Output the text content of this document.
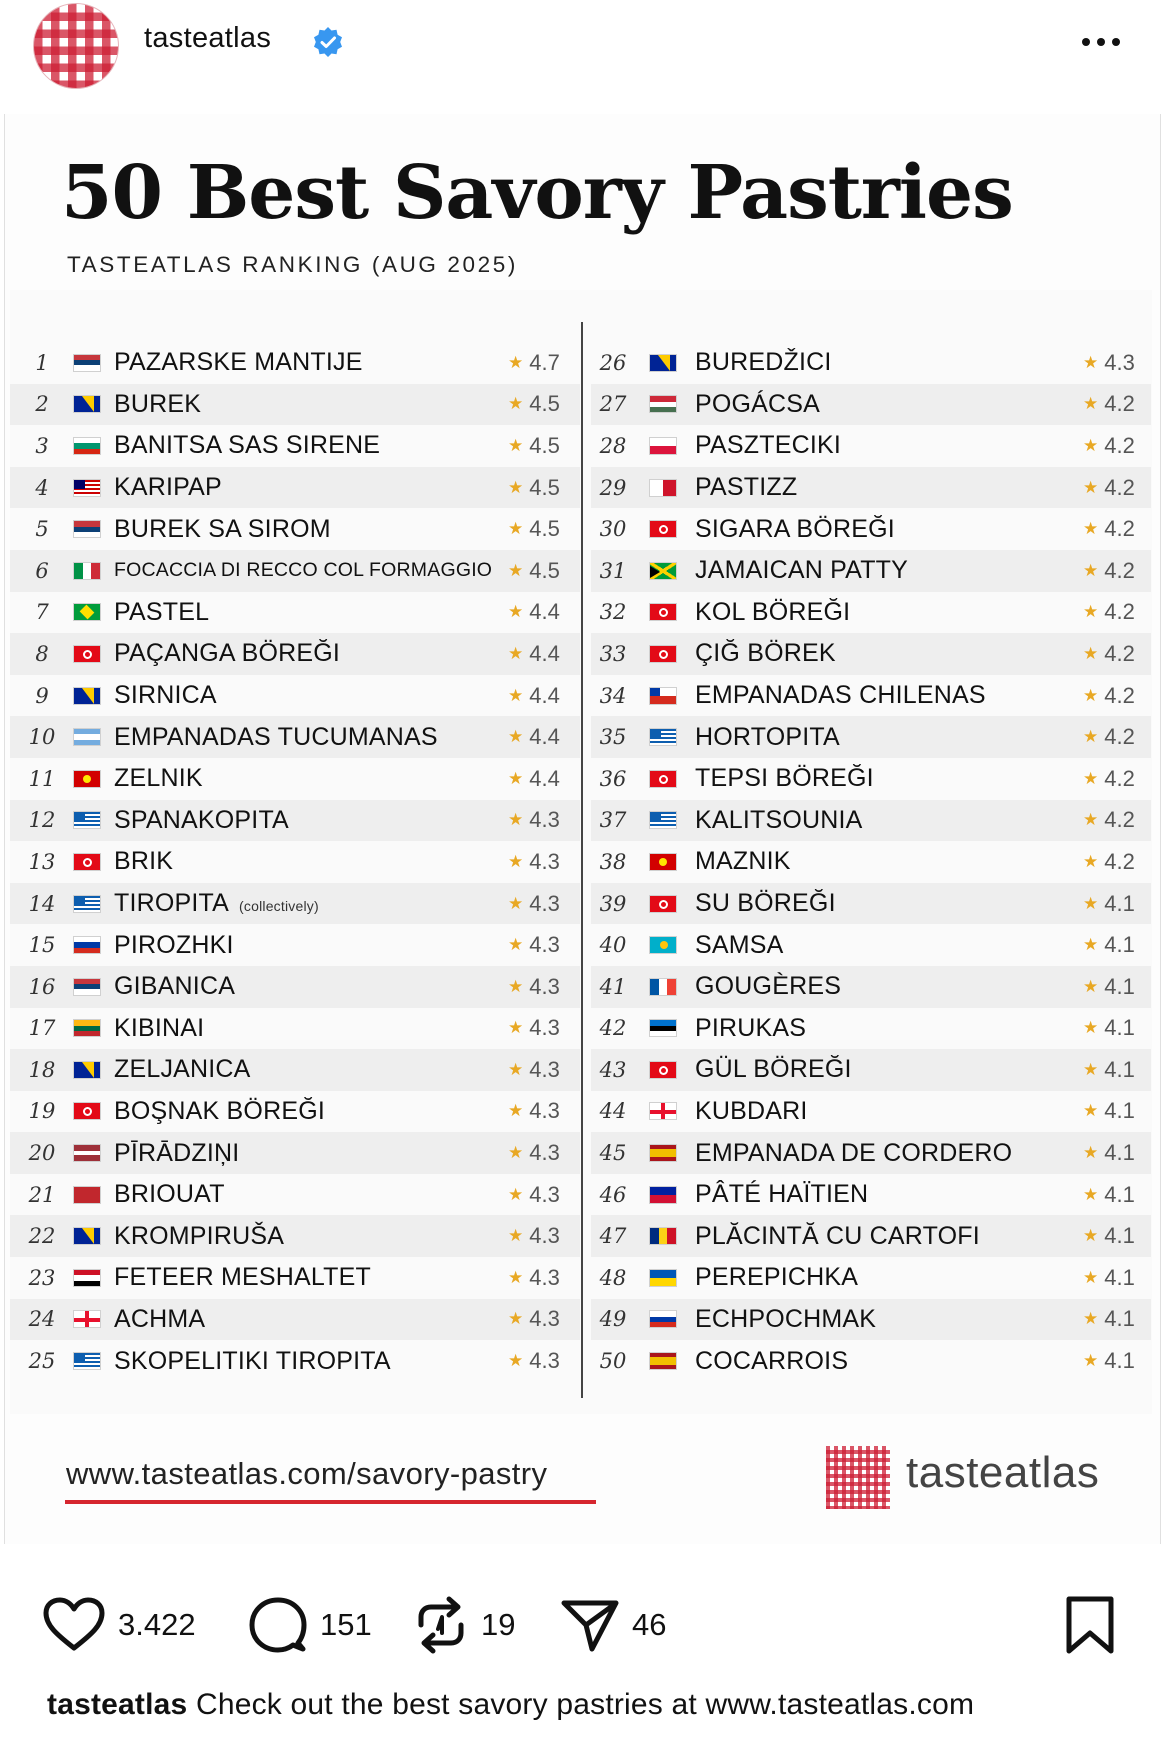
tasteatlas
50 Best Savory Pastries
TASTEATLAS RANKING (AUG 2025)
1	PAZARSKE MANTIJE	★ 4.7
2	BUREK	★ 4.5
3	BANITSA SAS SIRENE	★ 4.5
4	KARIPAP	★ 4.5
5	BUREK SA SIROM	★ 4.5
6	FOCACCIA DI RECCO COL FORMAGGIO ★ 4.5
7	PASTEL	★ 4.4
8	PAÇANGA BÖREĞI	★ 4.4
9	SIRNICA	★ 4.4
10	EMPANADAS TUCUMANAS	★ 4.4
11	ZELNIK	★ 4.4
12	SPANAKOPITA	★ 4.3
13	BRIK	★ 4.3
14	TIROPITA (collectively)	★ 4.3
15	PIROZHKI	★ 4.3
16	GIBANICA	★ 4.3
17	KIBINAI	★ 4.3
18	ZELJANICA	★ 4.3
19	BOŞNAK BÖREĞI	★ 4.3
20	PĪRĀDZIŅI	★ 4.3
21	BRIOUAT	★ 4.3
22	KROMPIRUŠA	★ 4.3
23	FETEER MESHALTET	★ 4.3
24	ACHMA	★ 4.3
25	SKOPELITIKI TIROPITA	★ 4.3
26	BUREDŽICI	★ 4.3
27	POGÁCSA	★ 4.2
28	PASZTECIKI	★ 4.2
29	PASTIZZ	★ 4.2
30	SIGARA BÖREĞI	★ 4.2
31	JAMAICAN PATTY	★ 4.2
32	KOL BÖREĞI	★ 4.2
33	ÇIĞ BÖREK	★ 4.2
34	EMPANADAS CHILENAS	★ 4.2
35	HORTOPITA	★ 4.2
36	TEPSI BÖREĞI	★ 4.2
37	KALITSOUNIA	★ 4.2
38	MAZNIK	★ 4.2
39	SU BÖREĞI	★ 4.1
40	SAMSA	★ 4.1
41	GOUGÈRES	★ 4.1
42	PIRUKAS	★ 4.1
43	GÜL BÖREĞI	★ 4.1
44	KUBDARI	★ 4.1
45	EMPANADA DE CORDERO	★ 4.1
46	PÂTÉ HAÏTIEN	★ 4.1
47	PLĂCINTĂ CU CARTOFI	★ 4.1
48	PEREPICHKA	★ 4.1
49	ECHPOCHMAK	★ 4.1
50	COCARROIS	★ 4.1
www.tasteatlas.com/savory-pastry	tasteatlas
3.422	151	19	46
tasteatlas Check out the best savory pastries at www.tasteatlas.com
